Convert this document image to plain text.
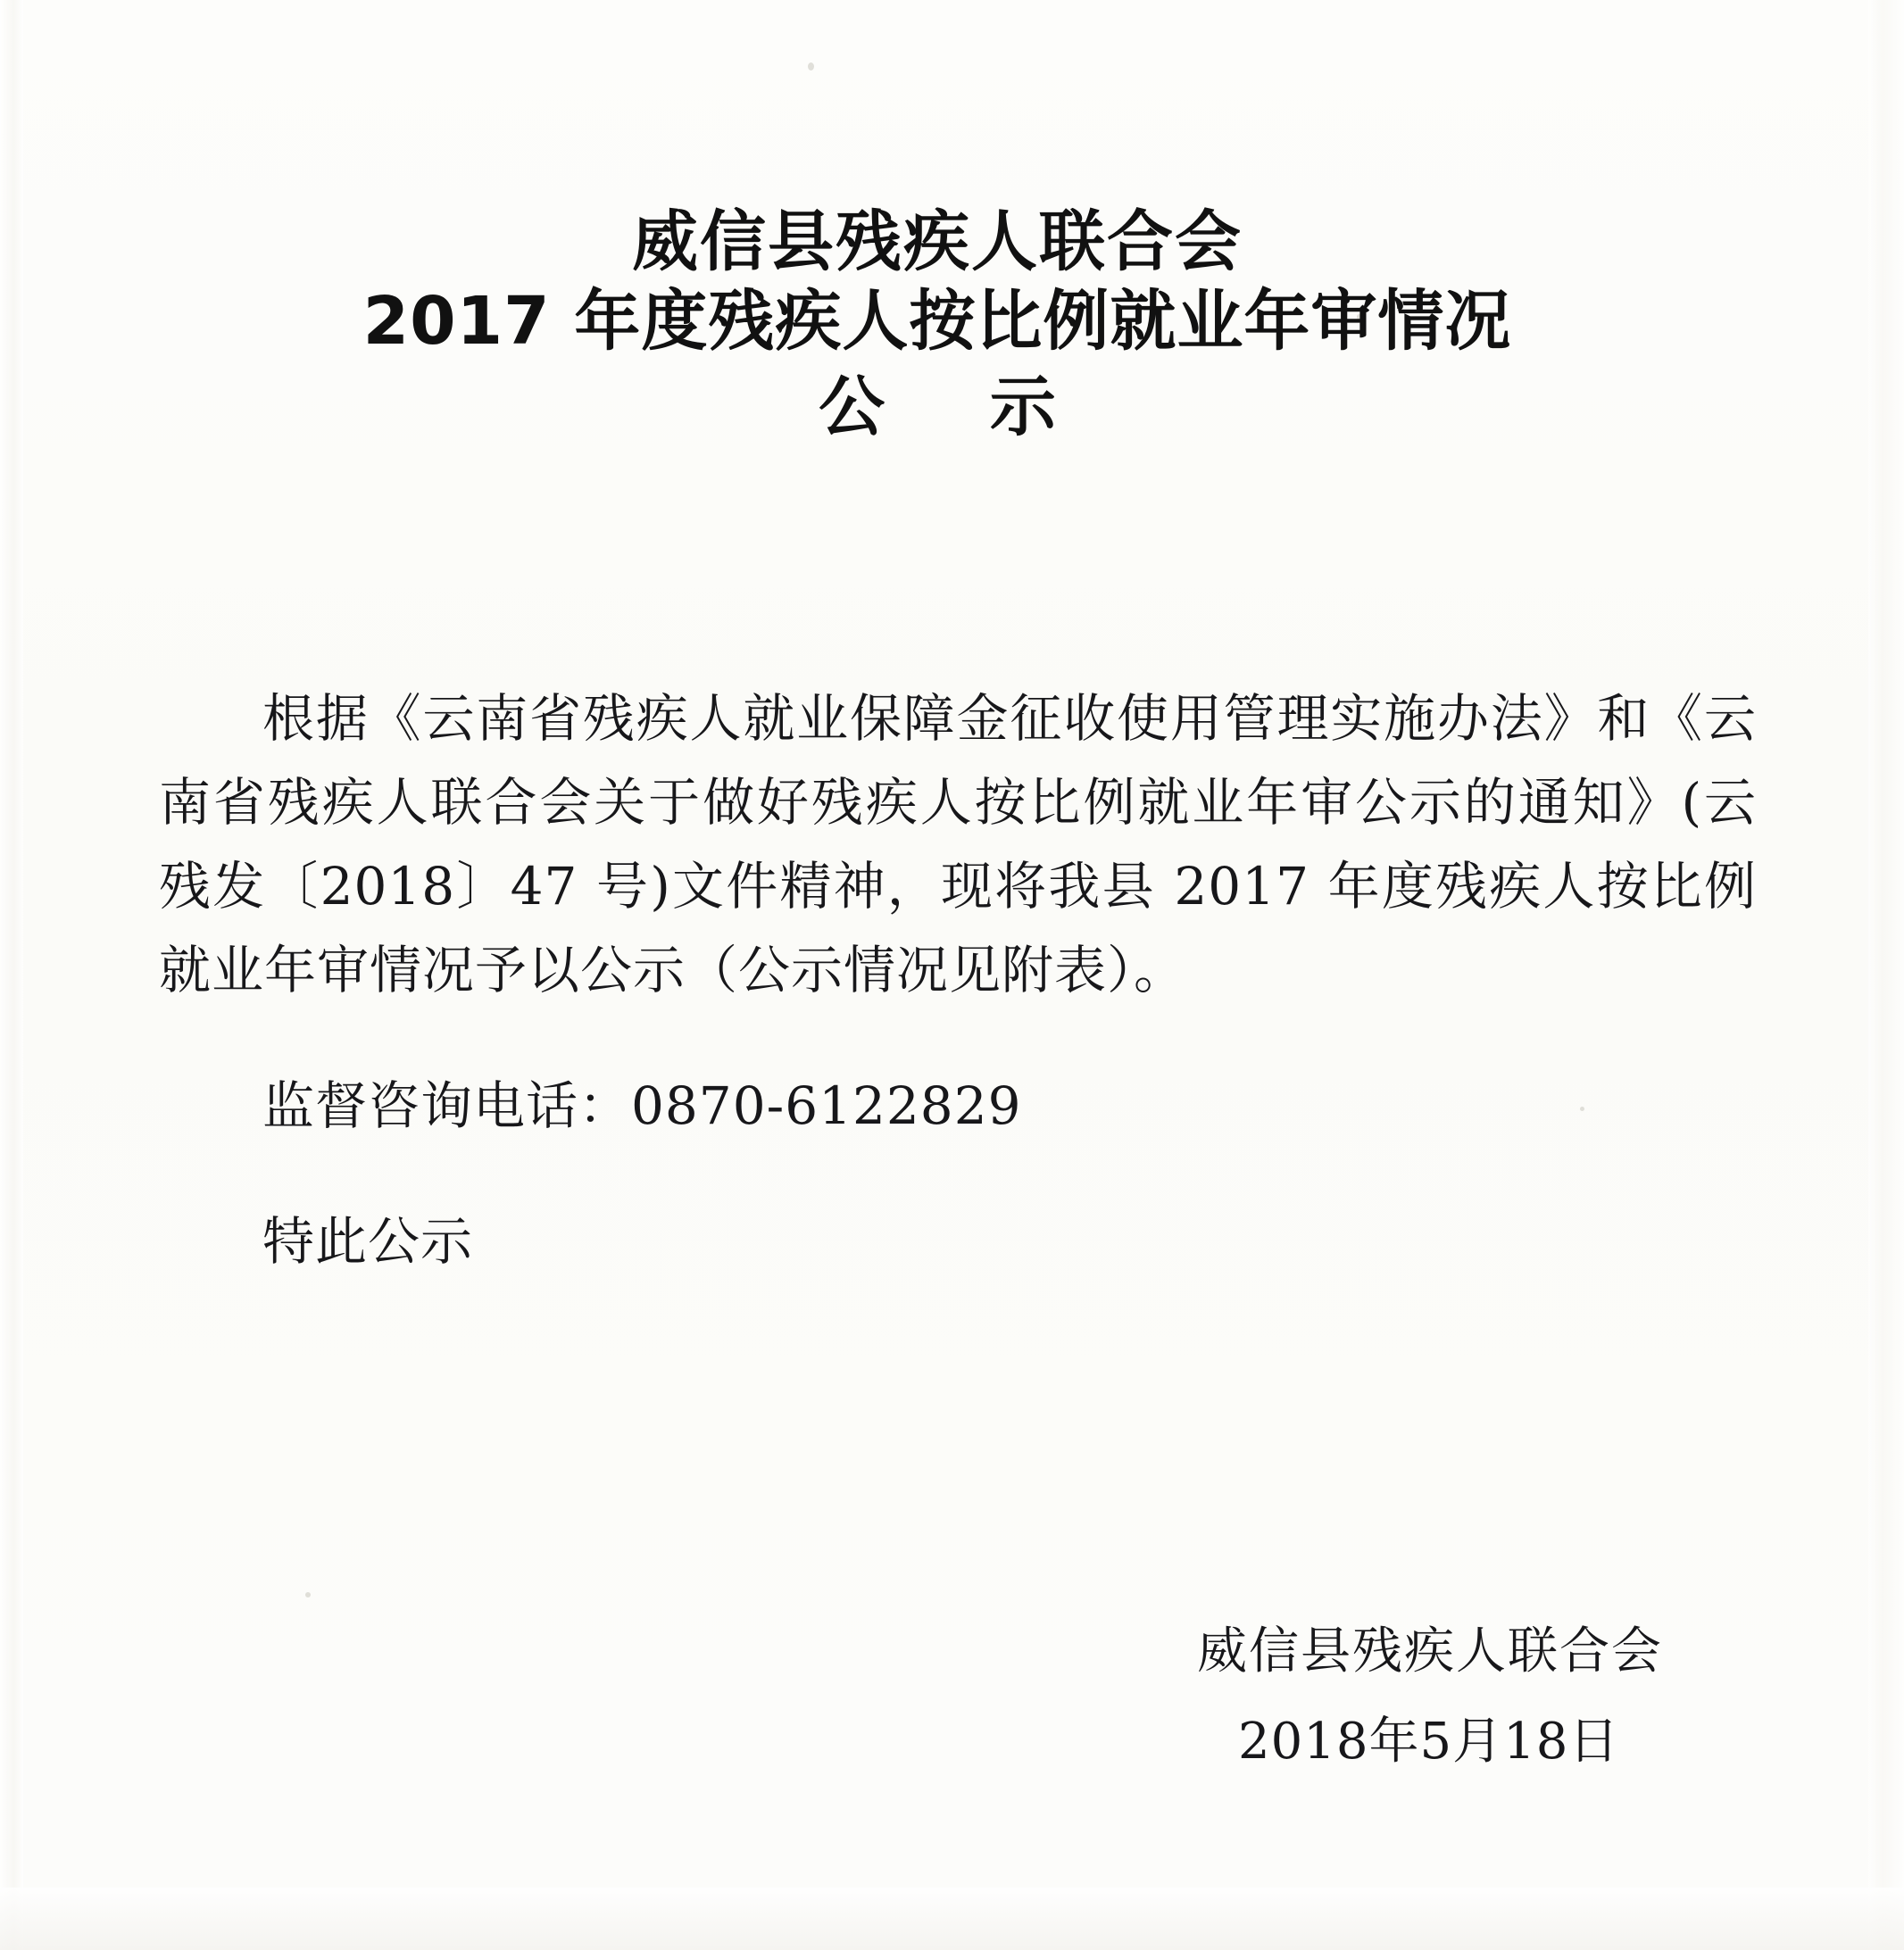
威信县残疾人联合会
2017 年度残疾人按比例就业年审情况
公 示

根据《云南省残疾人就业保障金征收使用管理实施办法》和《云南省残疾人联合会关于做好残疾人按比例就业年审公示的通知》(云残发〔2018〕47 号)文件精神，现将我县 2017 年度残疾人按比例就业年审情况予以公示（公示情况见附表）。

监督咨询电话：0870-6122829

特此公示

威信县残疾人联合会
2018年5月18日
